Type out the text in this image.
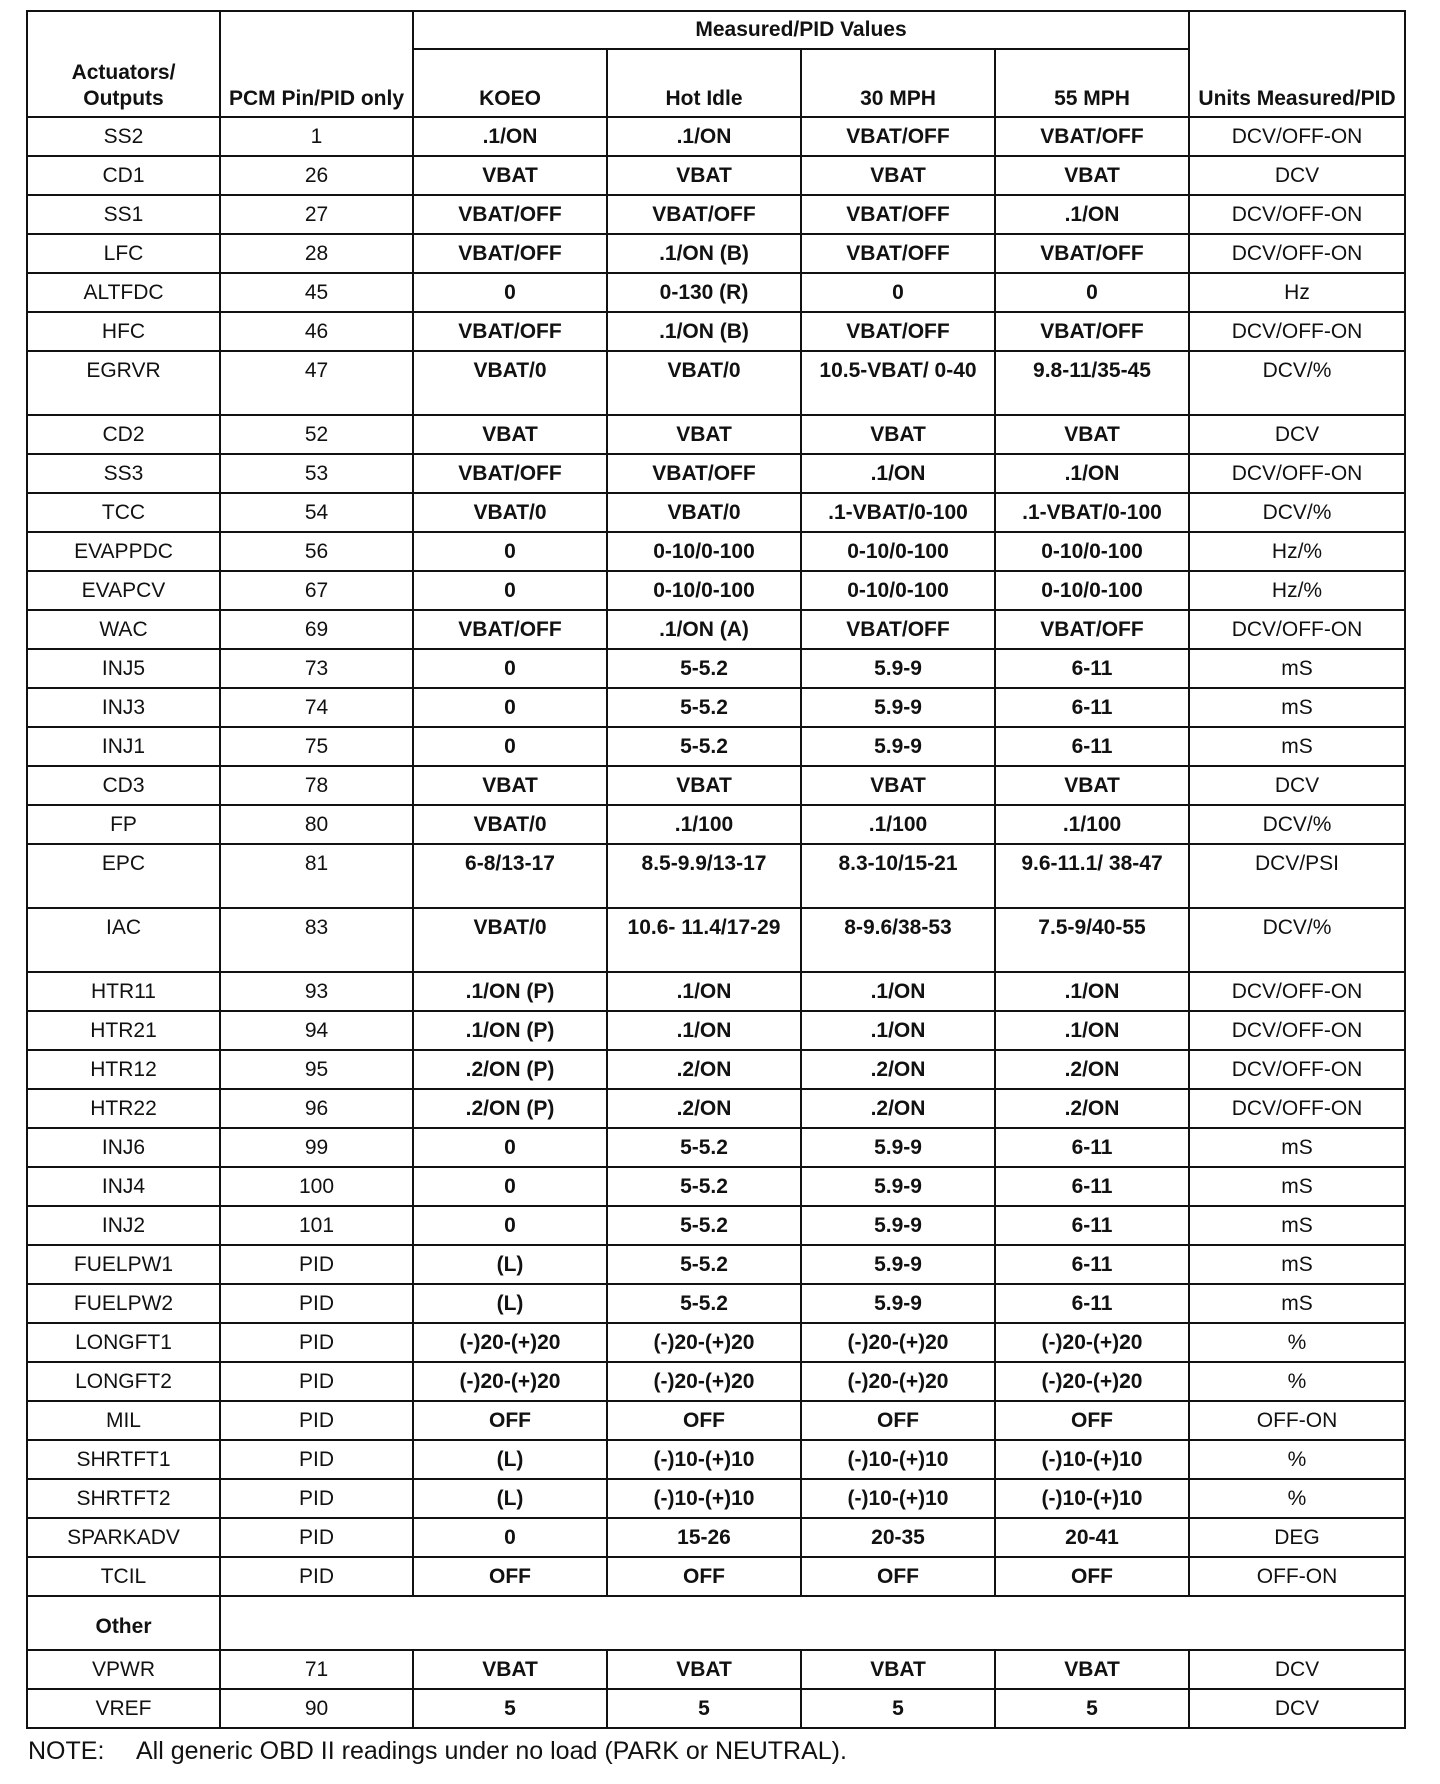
Actuators/ Outputs	PCM Pin/PID only	Measured/PID Values				Units Measured/PID
		KOEO	Hot Idle	30 MPH	55 MPH	
SS2	1	.1/ON	.1/ON	VBAT/OFF	VBAT/OFF	DCV/OFF-ON
CD1	26	VBAT	VBAT	VBAT	VBAT	DCV
SS1	27	VBAT/OFF	VBAT/OFF	VBAT/OFF	.1/ON	DCV/OFF-ON
LFC	28	VBAT/OFF	.1/ON (B)	VBAT/OFF	VBAT/OFF	DCV/OFF-ON
ALTFDC	45	0	0-130 (R)	0	0	Hz
HFC	46	VBAT/OFF	.1/ON (B)	VBAT/OFF	VBAT/OFF	DCV/OFF-ON
EGRVR	47	VBAT/0	VBAT/0	10.5-VBAT/ 0-40	9.8-11/35-45	DCV/%
CD2	52	VBAT	VBAT	VBAT	VBAT	DCV
SS3	53	VBAT/OFF	VBAT/OFF	.1/ON	.1/ON	DCV/OFF-ON
TCC	54	VBAT/0	VBAT/0	.1-VBAT/0-100	.1-VBAT/0-100	DCV/%
EVAPPDC	56	0	0-10/0-100	0-10/0-100	0-10/0-100	Hz/%
EVAPCV	67	0	0-10/0-100	0-10/0-100	0-10/0-100	Hz/%
WAC	69	VBAT/OFF	.1/ON (A)	VBAT/OFF	VBAT/OFF	DCV/OFF-ON
INJ5	73	0	5-5.2	5.9-9	6-11	mS
INJ3	74	0	5-5.2	5.9-9	6-11	mS
INJ1	75	0	5-5.2	5.9-9	6-11	mS
CD3	78	VBAT	VBAT	VBAT	VBAT	DCV
FP	80	VBAT/0	.1/100	.1/100	.1/100	DCV/%
EPC	81	6-8/13-17	8.5-9.9/13-17	8.3-10/15-21	9.6-11.1/ 38-47	DCV/PSI
IAC	83	VBAT/0	10.6- 11.4/17-29	8-9.6/38-53	7.5-9/40-55	DCV/%
HTR11	93	.1/ON (P)	.1/ON	.1/ON	.1/ON	DCV/OFF-ON
HTR21	94	.1/ON (P)	.1/ON	.1/ON	.1/ON	DCV/OFF-ON
HTR12	95	.2/ON (P)	.2/ON	.2/ON	.2/ON	DCV/OFF-ON
HTR22	96	.2/ON (P)	.2/ON	.2/ON	.2/ON	DCV/OFF-ON
INJ6	99	0	5-5.2	5.9-9	6-11	mS
INJ4	100	0	5-5.2	5.9-9	6-11	mS
INJ2	101	0	5-5.2	5.9-9	6-11	mS
FUELPW1	PID	(L)	5-5.2	5.9-9	6-11	mS
FUELPW2	PID	(L)	5-5.2	5.9-9	6-11	mS
LONGFT1	PID	(-)20-(+)20	(-)20-(+)20	(-)20-(+)20	(-)20-(+)20	%
LONGFT2	PID	(-)20-(+)20	(-)20-(+)20	(-)20-(+)20	(-)20-(+)20	%
MIL	PID	OFF	OFF	OFF	OFF	OFF-ON
SHRTFT1	PID	(L)	(-)10-(+)10	(-)10-(+)10	(-)10-(+)10	%
SHRTFT2	PID	(L)	(-)10-(+)10	(-)10-(+)10	(-)10-(+)10	%
SPARKADV	PID	0	15-26	20-35	20-41	DEG
TCIL	PID	OFF	OFF	OFF	OFF	OFF-ON
Other						
VPWR	71	VBAT	VBAT	VBAT	VBAT	DCV
VREF	90	5	5	5	5	DCV
NOTE: All generic OBD II readings under no load (PARK or NEUTRAL).
